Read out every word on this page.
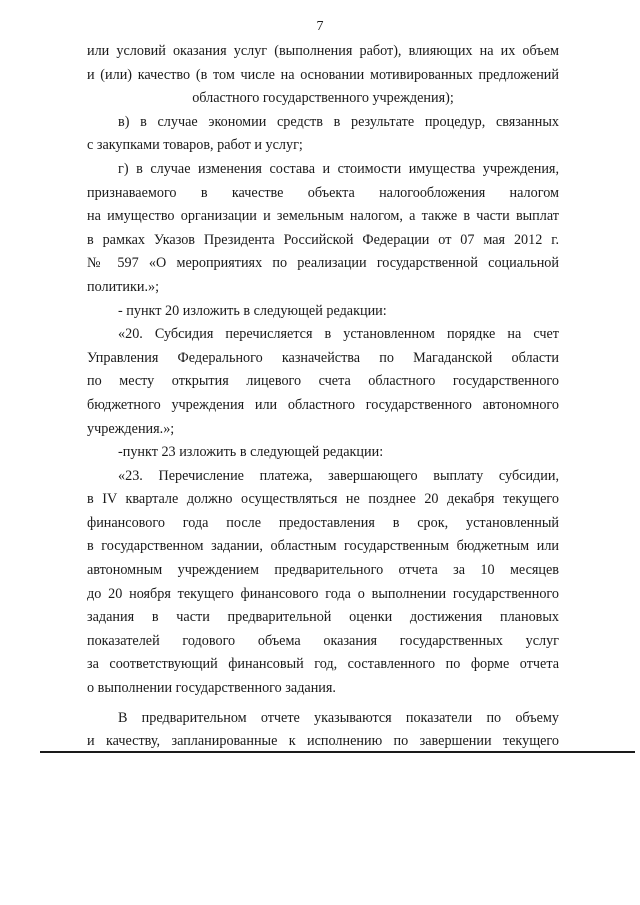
7
или условий оказания услуг (выполнения работ), влияющих на их объем
и (или) качество (в том числе на основании мотивированных предложений
областного государственного учреждения);
в) в случае экономии средств в результате процедур, связанных
с закупками товаров, работ и услуг;
г) в случае изменения состава и стоимости имущества учреждения,
признаваемого в качестве объекта налогообложения налогом
на имущество организации и земельным налогом, а также в части выплат
в рамках Указов Президента Российской Федерации от 07 мая 2012 г.
№ 597 «О мероприятиях по реализации государственной социальной
политики.»;
- пункт 20 изложить в следующей редакции:
«20. Субсидия перечисляется в установленном порядке на счет
Управления Федерального казначейства по Магаданской области
по месту открытия лицевого счета областного государственного
бюджетного учреждения или областного государственного автономного
учреждения.»;
-пункт 23 изложить в следующей редакции:
«23. Перечисление платежа, завершающего выплату субсидии,
в IV квартале должно осуществляться не позднее 20 декабря текущего
финансового года после предоставления в срок, установленный
в государственном задании, областным государственным бюджетным или
автономным учреждением предварительного отчета за 10 месяцев
до 20 ноября текущего финансового года о выполнении государственного
задания в части предварительной оценки достижения плановых
показателей годового объема оказания государственных услуг
за соответствующий финансовый год, составленного по форме отчета
о выполнении государственного задания.
В предварительном отчете указываются показатели по объему
и качеству, запланированные к исполнению по завершении текущего
